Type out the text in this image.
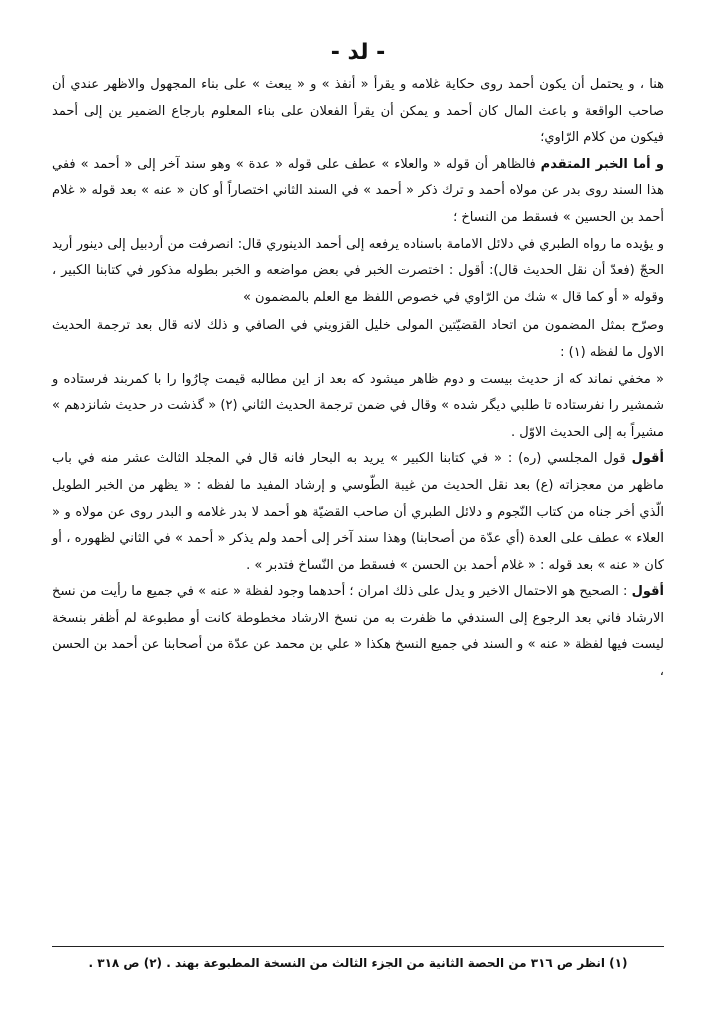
- لد -

هنا ، و يحتمل أن يكون أحمد روى حكاية غلامه و يقرأ « أنفذ » و « يبعث » على بناء المجهول والاظهر عندي أن صاحب الواقعة و باعث المال كان أحمد و يمكن أن يقرأ الفعلان على بناء المعلوم بارجاع الضمير ين إلى أحمد فيكون من كلام الرّاوي؛

و أما الخبر المتقدم فالظاهر أن قوله « والعلاء » عطف على قوله « عدة » وهو سند آخر إلى « أحمد » ففي هذا السند روى بدر عن مولاه أحمد و ترك ذكر « أحمد » في السند الثاني اختصاراً أو كان « عنه » بعد قوله « غلام أحمد بن الحسين » فسقط من النساخ ؛

و يؤيده ما رواه الطبري في دلائل الامامة باسناده يرفعه إلى أحمد الدينوري قال: انصرفت من أردبيل إلى دينور أريد الحجّ (فعدّ أن نقل الحديث قال): أقول : اختصرت الخبر في بعض مواضعه و الخبر بطوله مذكور في كتابنا الكبير ، وقوله « أو كما قال » شك من الرّاوي في خصوص اللفظ مع العلم بالمضمون »

وصرّح بمثل المضمون من اتحاد القضيّتين المولى خليل القزويني في الصافي و ذلك لانه قال بعد ترجمة الحديث الاول ما لفظه (١) :

« مخفي نماند كه از حديث بيست و دوم ظاهر ميشود كه بعد از اين مطالبه قيمت چارُوا را با كمربند فرستاده و شمشير را نفرستاده تا طلبي ديگر شده » وقال في ضمن ترجمة الحديث الثاني (٢) « گذشت در حديث شانزدهم » مشيراً به إلى الحديث الاوّل .

أقول قول المجلسي (ره) : « في كتابنا الكبير » يريد به البحار فانه قال في المجلد الثالث عشر منه في باب ماظهر من معجزاته (ع) بعد نقل الحديث من غيبة الطّوسي و إرشاد المفيد ما لفظه : « يظهر من الخبر الطويل الّذي أخر جناه من كتاب النّجوم و دلائل الطبري أن صاحب القضيّة هو أحمد لا بدر غلامه و البدر روى عن مولاه و « العلاء » عطف على العدة (أي عدّة من أصحابنا) وهذا سند آخر إلى أحمد ولم يذكر « أحمد » في الثاني لظهوره ، أو كان « عنه » بعد قوله : « غلام أحمد بن الحسن » فسقط من النّساخ فتدبر » .

أقول : الصحيح هو الاحتمال الاخير و يدل على ذلك امران ؛ أحدهما وجود لفظة « عنه » في جميع ما رأيت من نسخ الارشاد فاني بعد الرجوع إلى السندفي ما ظفرت به من نسخ الارشاد مخطوطة كانت أو مطبوعة لم أظفر بنسخة ليست فيها لفظة « عنه » و السند في جميع النسخ هكذا « علي بن محمد عن عدّة من أصحابنا عن أحمد بن الحسن ،

(١) انظر ص ٣١٦ من الحصة الثانية من الجزء الثالث من النسخة المطبوعة بهند . (٢) ص ٣١٨ .
